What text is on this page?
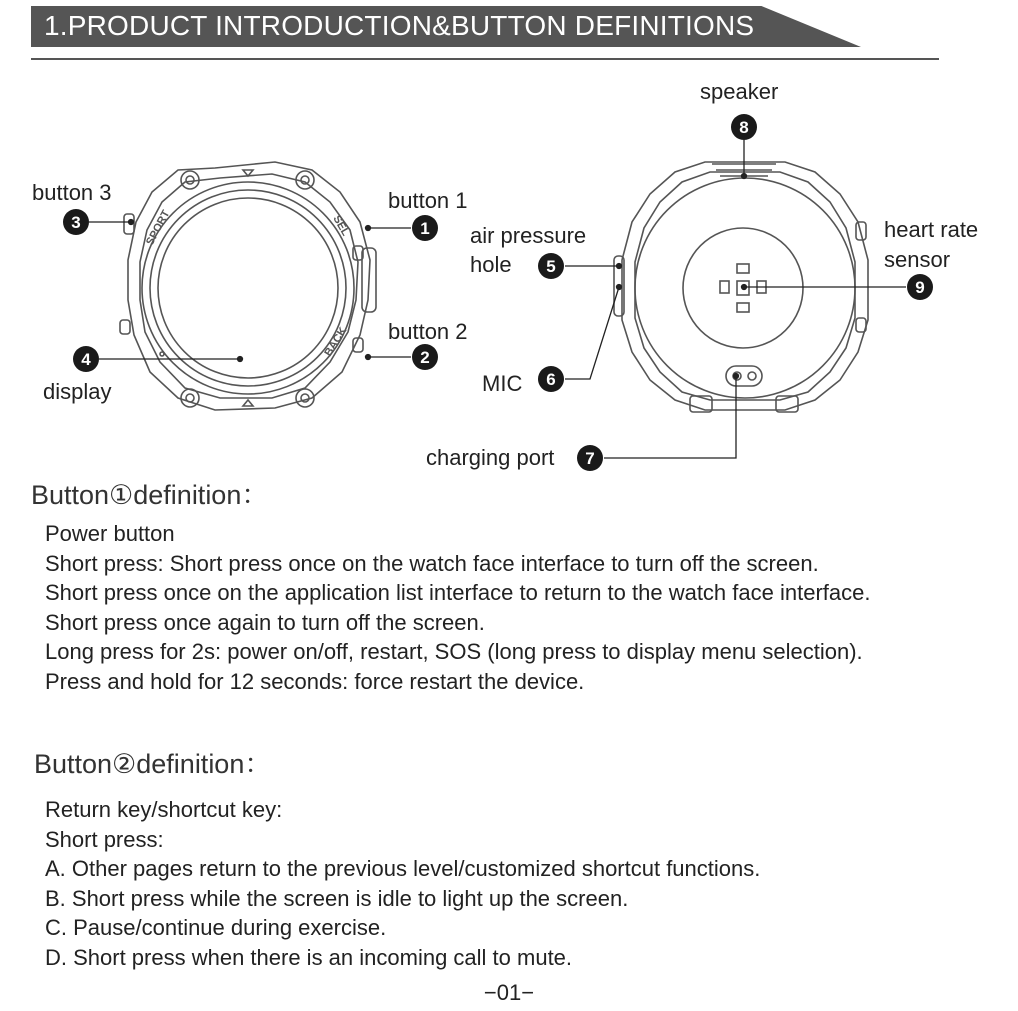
1.PRODUCT INTRODUCTION&BUTTON DEFINITIONS
SPORT	SEL
BACK
1
2
3
4
5
6
7
8
9
button 3	button 1
button 2
display
speaker
air pressure
hole
heart rate
sensor
MIC
charging port
Button①definition：

Power button

Short press: Short press once on the watch face interface to turn off the screen.

Short press once on the application list interface to return to the watch face interface. Short press once again to turn off the screen.

Long press for 2s: power on/off, restart, SOS (long press to display menu selection).

Press and hold for 12 seconds: force restart the device.

Button②definition：

Return key/shortcut key:

Short press:

A. Other pages return to the previous level/customized shortcut functions.

B. Short press while the screen is idle to light up the screen.

C. Pause/continue during exercise.

D. Short press when there is an incoming call to mute.

−01−
